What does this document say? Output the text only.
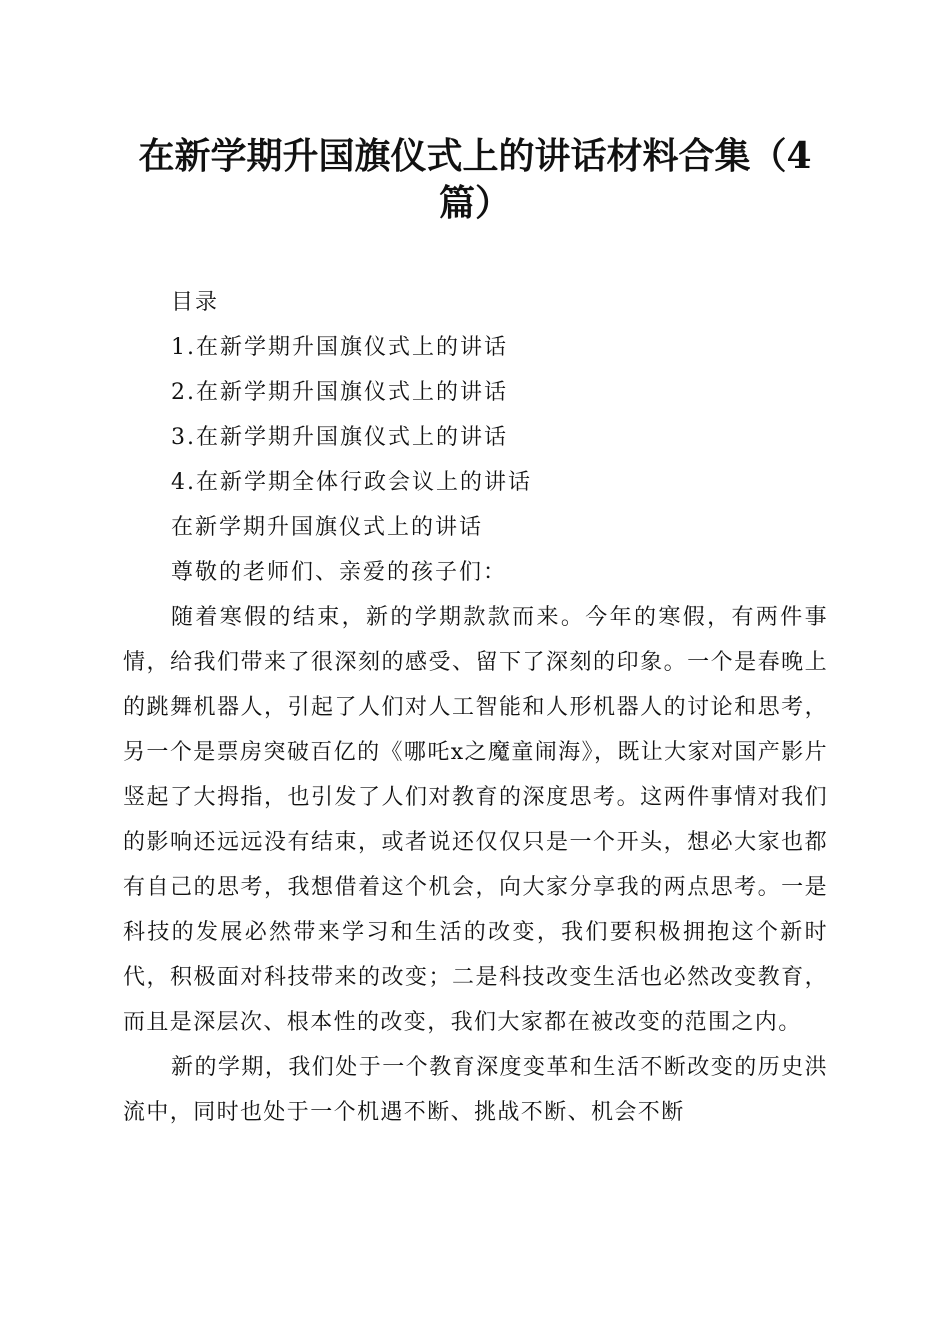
在新学期升国旗仪式上的讲话材料合集（4篇）
目录
1.在新学期升国旗仪式上的讲话
2.在新学期升国旗仪式上的讲话
3.在新学期升国旗仪式上的讲话
4.在新学期全体行政会议上的讲话
在新学期升国旗仪式上的讲话
尊敬的老师们、亲爱的孩子们：

随着寒假的结束，新的学期款款而来。今年的寒假，有两件事情，给我们带来了很深刻的感受、留下了深刻的印象。一个是春晚上的跳舞机器人，引起了人们对人工智能和人形机器人的讨论和思考，另一个是票房突破百亿的《哪吒x之魔童闹海》，既让大家对国产影片竖起了大拇指，也引发了人们对教育的深度思考。这两件事情对我们的影响还远远没有结束，或者说还仅仅只是一个开头，想必大家也都有自己的思考，我想借着这个机会，向大家分享我的两点思考。一是科技的发展必然带来学习和生活的改变，我们要积极拥抱这个新时代，积极面对科技带来的改变；二是科技改变生活也必然改变教育，而且是深层次、根本性的改变，我们大家都在被改变的范围之内。

新的学期，我们处于一个教育深度变革和生活不断改变的历史洪流中，同时也处于一个机遇不断、挑战不断、机会不断
